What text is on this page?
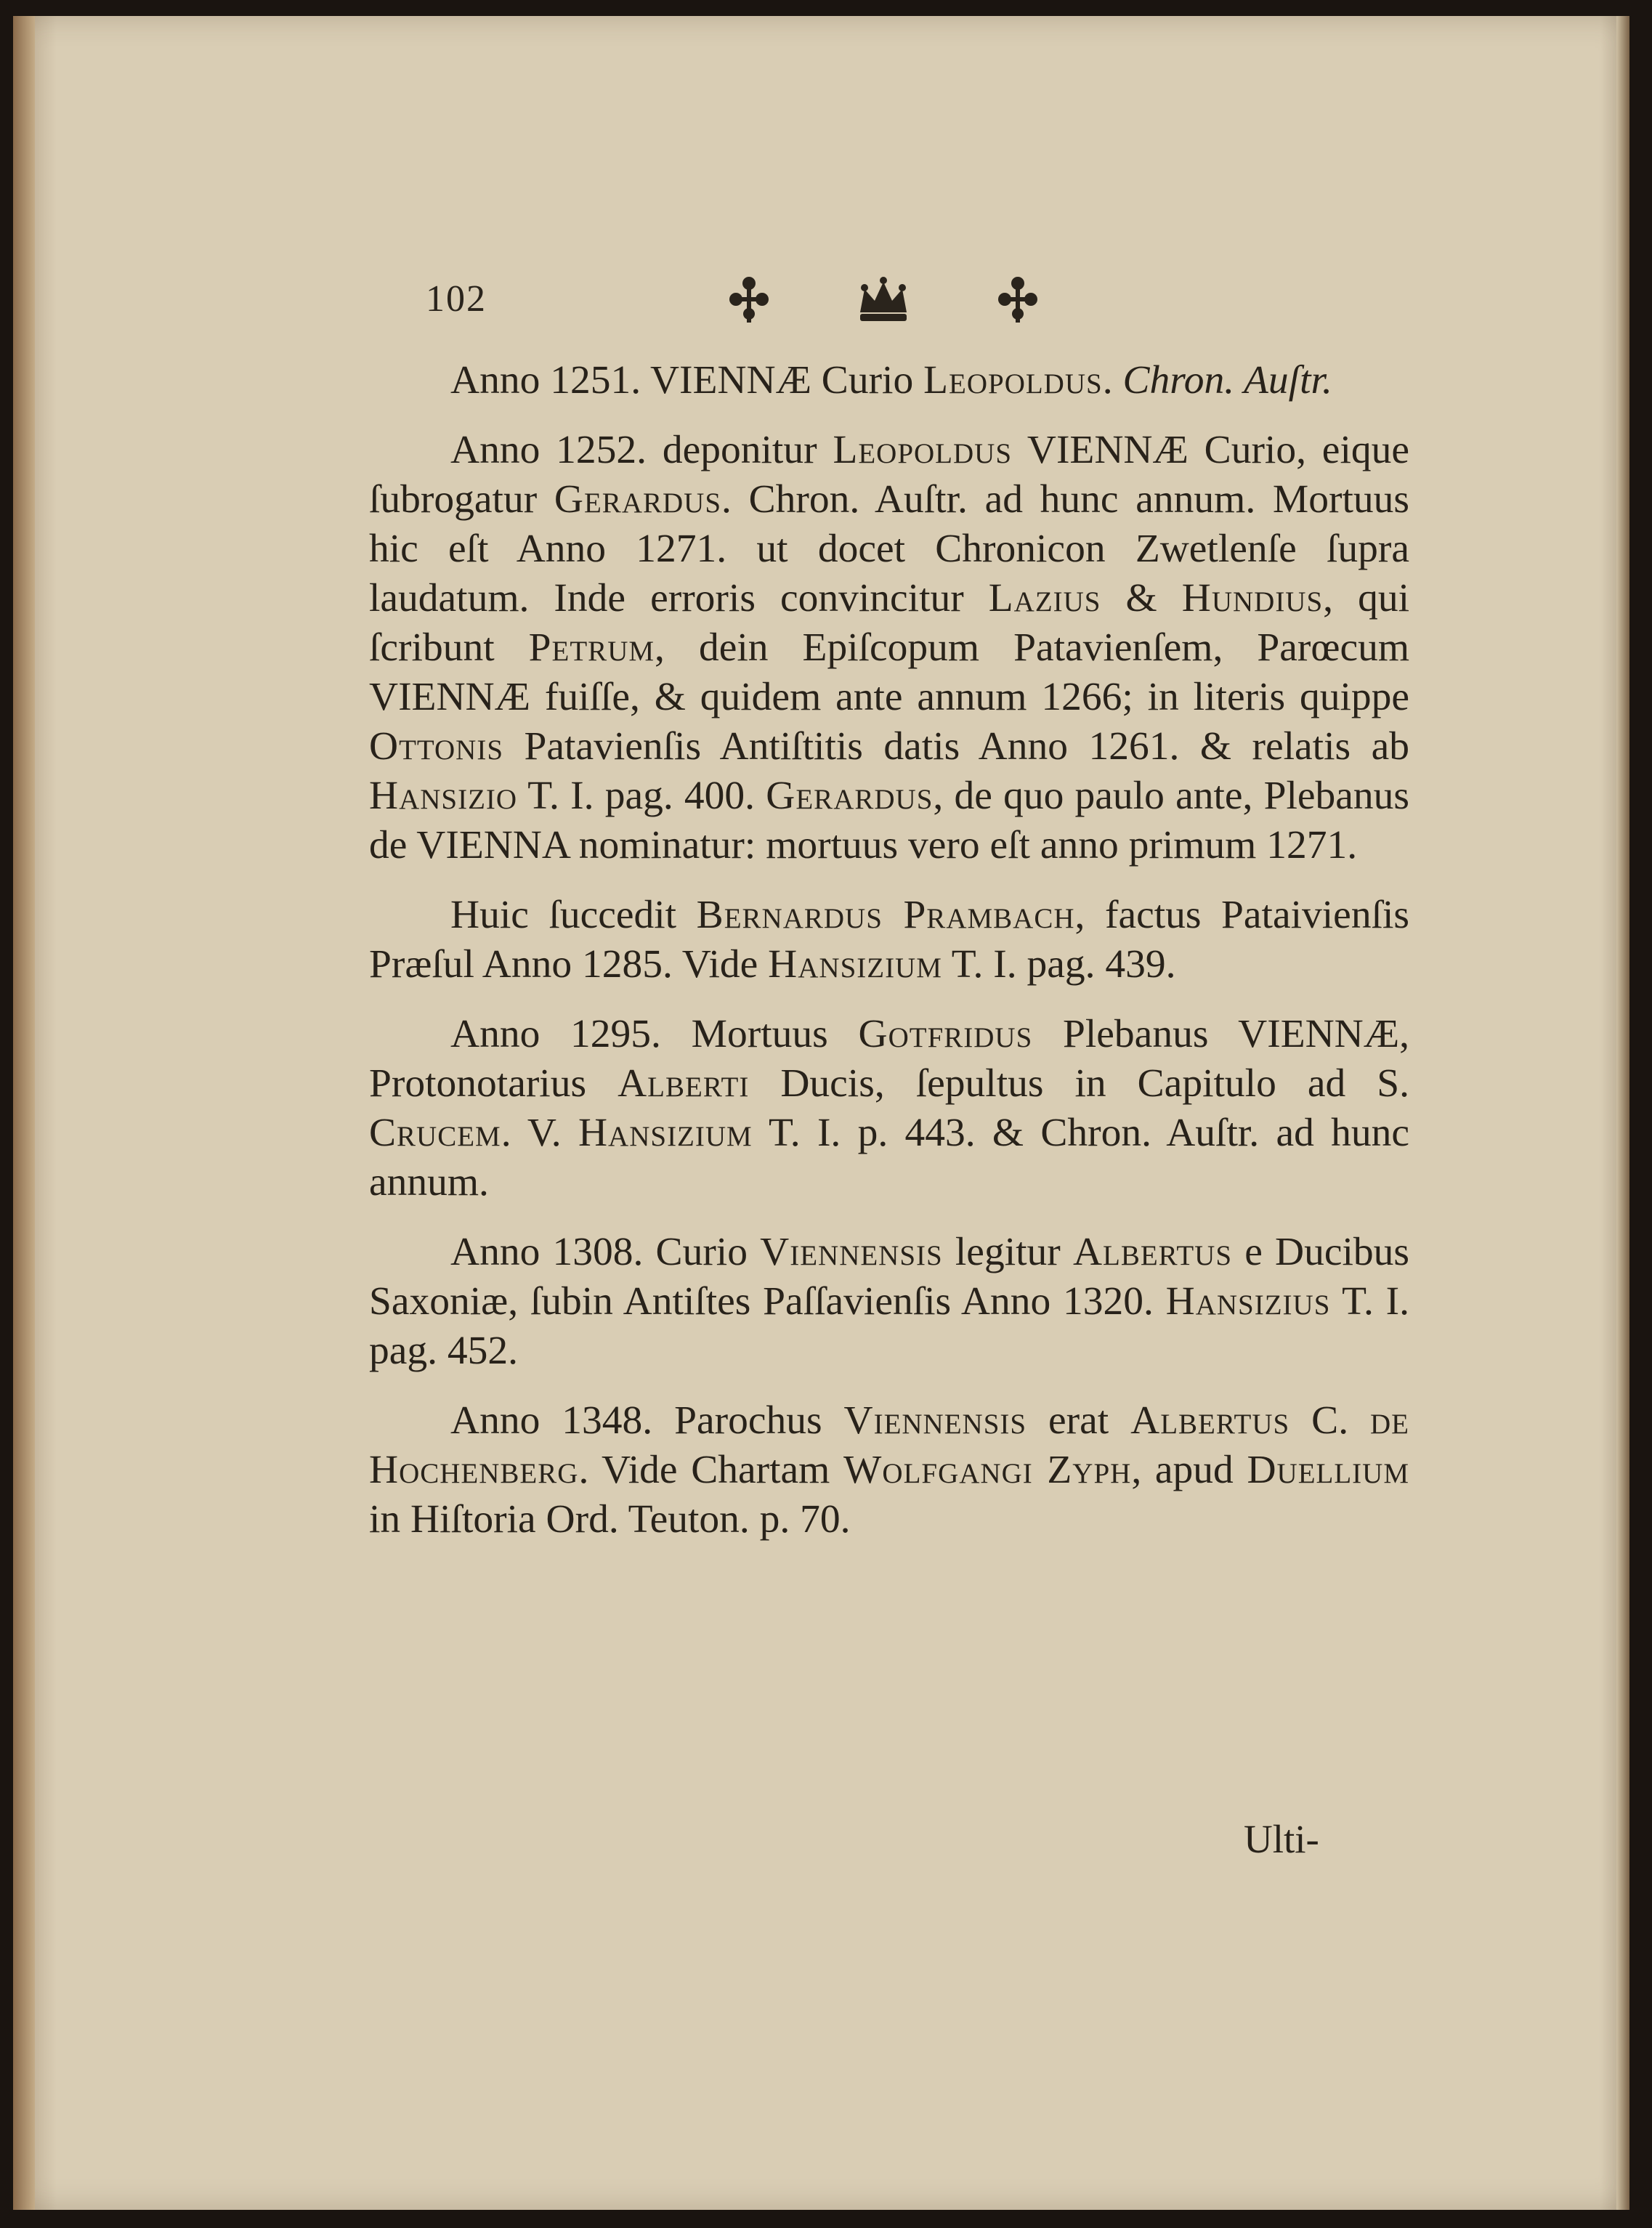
102

Anno 1251. VIENNÆ Curio Leopoldus. Chron. Auſtr.

Anno 1252. deponitur Leopoldus VIENNÆ Curio, eique ſubrogatur Gerardus. Chron. Auſtr. ad hunc annum. Mortuus hic eſt Anno 1271. ut docet Chronicon Zwetlenſe ſupra laudatum. Inde erroris convincitur Lazius & Hundius, qui ſcribunt Petrum, dein Epiſcopum Patavienſem, Parœcum VIENNÆ fuiſſe, & quidem ante annum 1266; in literis quippe Ottonis Patavienſis Antiſtitis datis Anno 1261. & relatis ab Hansizio T. I. pag. 400. Gerardus, de quo paulo ante, Plebanus de VIENNA nominatur: mortuus vero eſt anno primum 1271.

Huic ſuccedit Bernardus Prambach, factus Pataivienſis Præſul Anno 1285. Vide Hansizium T. I. pag. 439.

Anno 1295. Mortuus Gotfridus Plebanus VIENNÆ, Protonotarius Alberti Ducis, ſepultus in Capitulo ad S. Crucem. V. Hansizium T. I. p. 443. & Chron. Auſtr. ad hunc annum.

Anno 1308. Curio Viennensis legitur Albertus e Ducibus Saxoniæ, ſubin Antiſtes Paſſavienſis Anno 1320. Hansizius T. I. pag. 452.

Anno 1348. Parochus Viennensis erat Albertus C. de Hochenberg. Vide Chartam Wolfgangi Zyph, apud Duellium in Hiſtoria Ord. Teuton. p. 70.

Ulti-
